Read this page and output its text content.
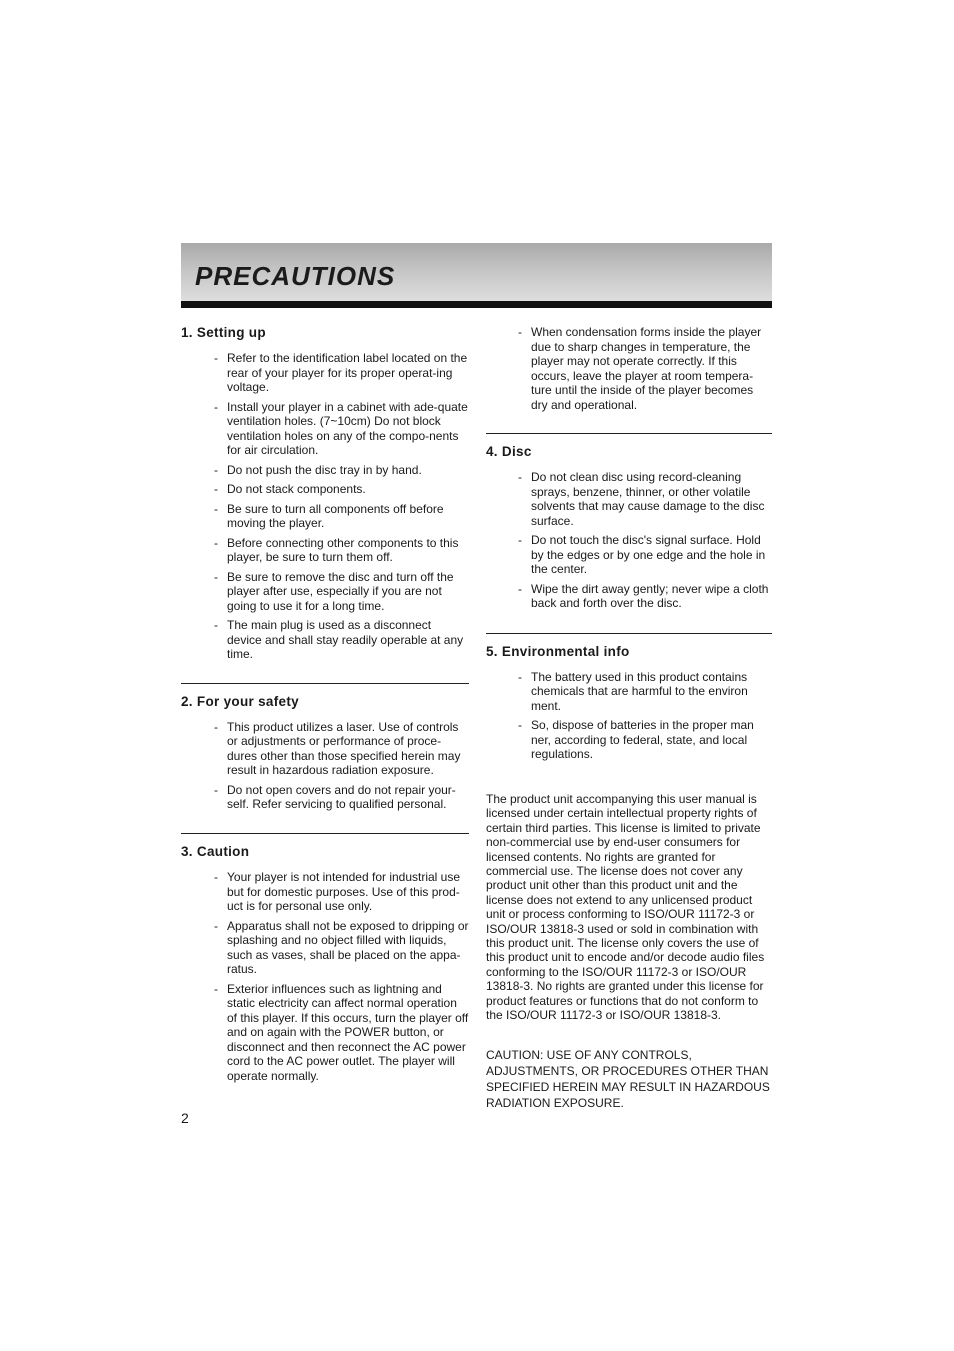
PRECAUTIONS
1. Setting up
- Refer to the identification label located on the rear of your player for its proper operat-ing voltage.
- Install your player in a cabinet with ade-quate ventilation holes. (7~10cm) Do not block ventilation holes on any of the compo-nents for air circulation.
- Do not push the disc tray in by hand.
- Do not stack components.
- Be sure to turn all components off before moving the player.
- Before connecting other components to this player, be sure to turn them off.
- Be sure to remove the disc and turn off the player after use, especially if you are not going to use it for a long time.
- The main plug is used as a disconnect device and shall stay readily operable at any time.
2. For your safety
- This product utilizes a laser. Use of controls or adjustments or performance of proce-dures other than those specified herein may result in hazardous radiation exposure.
- Do not open covers and do not repair your-self. Refer servicing to qualified personal.
3. Caution
- Your player is not intended for industrial use but for domestic purposes. Use of this prod-uct is for personal use only.
- Apparatus shall not be exposed to dripping or splashing and no object filled with liquids, such as vases, shall be placed on the appa-ratus.
- Exterior influences such as lightning and static electricity can affect normal operation of this player. If this occurs, turn the player off and on again with the POWER button, or disconnect and then reconnect the AC power cord to the AC power outlet. The player will operate normally.
- When condensation forms inside the player due to sharp changes in temperature, the player may not operate correctly. If this occurs, leave the player at room tempera-ture until the inside of the player becomes dry and operational.
4. Disc
- Do not clean disc using record-cleaning sprays, benzene, thinner, or other volatile solvents that may cause damage to the disc surface.
- Do not touch the disc's signal surface. Hold by the edges or by one edge and the hole in the center.
- Wipe the dirt away gently; never wipe a cloth back and forth over the disc.
5. Environmental info
- The battery used in this product contains chemicals that are harmful to the environ ment.
- So, dispose of batteries in the proper man ner, according to federal, state, and local regulations.

The product unit accompanying this user manual is licensed under certain intellectual property rights of certain third parties. This license is limited to private non-commercial use by end-user consumers for licensed contents. No rights are granted for commercial use. The license does not cover any product unit other than this product unit and the license does not extend to any unlicensed product unit or process conforming to ISO/OUR 11172-3 or ISO/OUR 13818-3 used or sold in combination with this product unit. The license only covers the use of this product unit to encode and/or decode audio files conforming to the ISO/OUR 11172-3 or ISO/OUR 13818-3. No rights are granted under this license for product features or functions that do not conform to the ISO/OUR 11172-3 or ISO/OUR 13818-3.

CAUTION: USE OF ANY CONTROLS, ADJUSTMENTS, OR PROCEDURES OTHER THAN SPECIFIED HEREIN MAY RESULT IN HAZARDOUS RADIATION EXPOSURE.

2
